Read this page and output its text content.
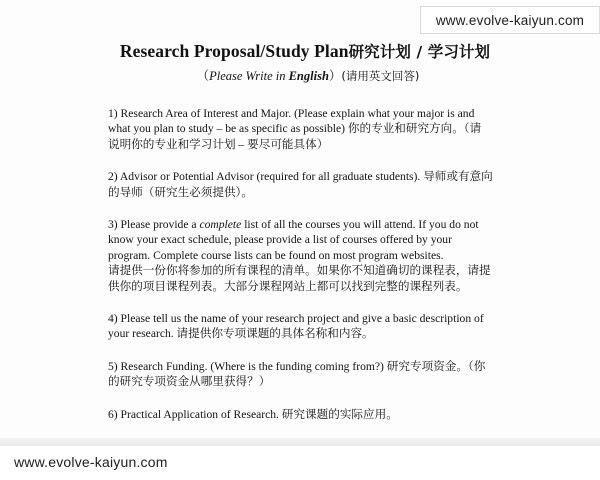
Research Proposal/Study Plan研究计划 / 学习计划
（Please Write in English）(请用英文回答)
1) Research Area of Interest and Major. (Please explain what your major is and
what you plan to study – be as specific as possible) 你的专业和研究方向。（请
说明你的专业和学习计划 – 要尽可能具体）
2) Advisor or Potential Advisor (required for all graduate students). 导师或有意向
的导师（研究生必须提供）。
3) Please provide a complete list of all the courses you will attend. If you do not
know your exact schedule, please provide a list of courses offered by your
program. Complete course lists can be found on most program websites.
请提供一份你将参加的所有课程的清单。如果你不知道确切的课程表，请提
供你的项目课程列表。大部分课程网站上都可以找到完整的课程列表。
4) Please tell us the name of your research project and give a basic description of
your research. 请提供你专项课题的具体名称和内容。
5) Research Funding. (Where is the funding coming from?) 研究专项资金。（你
的研究专项资金从哪里获得？）
6) Practical Application of Research. 研究课题的实际应用。
www.evolve-kaiyun.com
www.evolve-kaiyun.com
